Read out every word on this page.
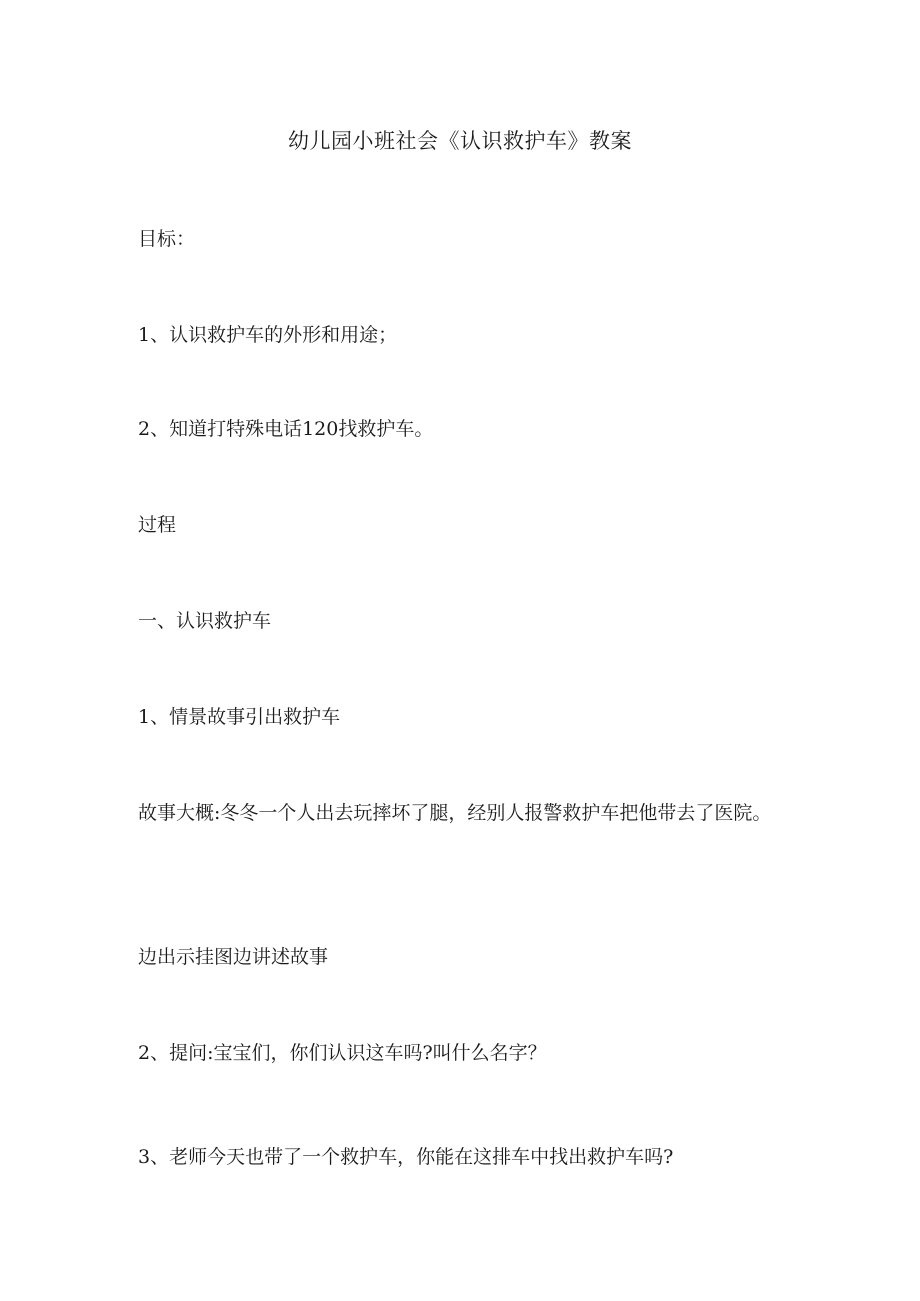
幼儿园小班社会《认识救护车》教案
目标：
1、认识救护车的外形和用途；
2、知道打特殊电话120找救护车。
过程
一、认识救护车
1、情景故事引出救护车
故事大概:冬冬一个人出去玩摔坏了腿，经别人报警救护车把他带去了医院。
边出示挂图边讲述故事
2、提问:宝宝们，你们认识这车吗?叫什么名字？
3、老师今天也带了一个救护车，你能在这排车中找出救护车吗?
